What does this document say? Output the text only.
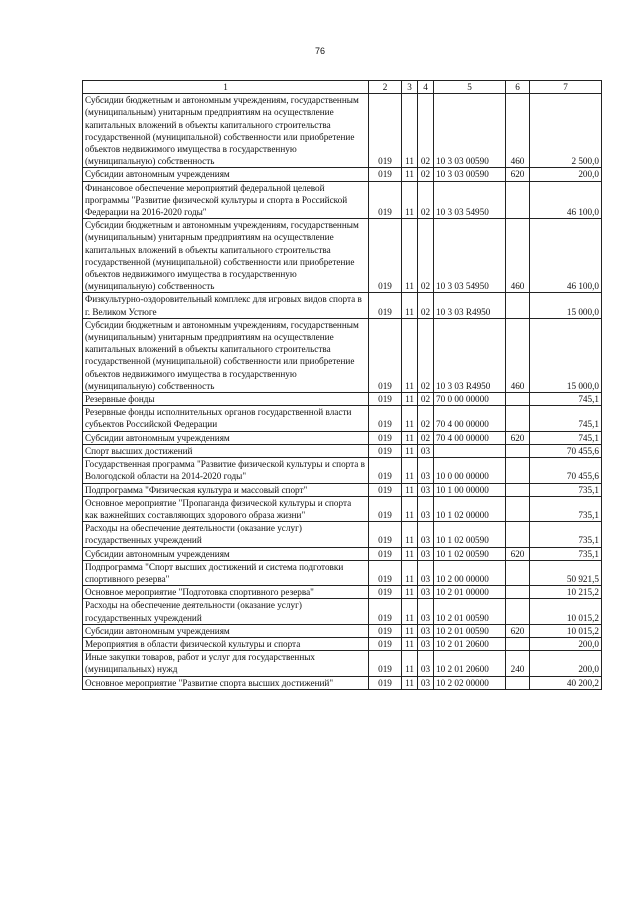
76
1	2	3	4	5	6	7
Субсидии бюджетным и автономным учреждениям, государственным (муниципальным) унитарным предприятиям на осуществление капитальных вложений в объекты капитального строительства государственной (муниципальной) собственности или приобретение объектов недвижимого имущества в государственную (муниципальную) собственность	019	11	02	10 3 03 00590	460	2 500,0
Субсидии автономным учреждениям	019	11	02	10 3 03 00590	620	200,0
Финансовое обеспечение мероприятий федеральной целевой программы "Развитие физической культуры и спорта в Российской Федерации на 2016-2020 годы"	019	11	02	10 3 03 54950		46 100,0
Субсидии бюджетным и автономным учреждениям, государственным (муниципальным) унитарным предприятиям на осуществление капитальных вложений в объекты капитального строительства государственной (муниципальной) собственности или приобретение объектов недвижимого имущества в государственную (муниципальную) собственность	019	11	02	10 3 03 54950	460	46 100,0
Физкультурно-оздоровительный комплекс для игровых видов спорта в г. Великом Устюге	019	11	02	10 3 03 R4950		15 000,0
Субсидии бюджетным и автономным учреждениям, государственным (муниципальным) унитарным предприятиям на осуществление капитальных вложений в объекты капитального строительства государственной (муниципальной) собственности или приобретение объектов недвижимого имущества в государственную (муниципальную) собственность	019	11	02	10 3 03 R4950	460	15 000,0
Резервные фонды	019	11	02	70 0 00 00000		745,1
Резервные фонды исполнительных органов государственной власти субъектов Российской Федерации	019	11	02	70 4 00 00000		745,1
Субсидии автономным учреждениям	019	11	02	70 4 00 00000	620	745,1
Спорт высших достижений	019	11	03			70 455,6
Государственная программа "Развитие физической культуры и спорта в Вологодской области на 2014-2020 годы"	019	11	03	10 0 00 00000		70 455,6
Подпрограмма "Физическая культура и массовый спорт"	019	11	03	10 1 00 00000		735,1
Основное мероприятие "Пропаганда физической культуры и спорта как важнейших составляющих здорового образа жизни"	019	11	03	10 1 02 00000		735,1
Расходы на обеспечение деятельности (оказание услуг) государственных учреждений	019	11	03	10 1 02 00590		735,1
Субсидии автономным учреждениям	019	11	03	10 1 02 00590	620	735,1
Подпрограмма "Спорт высших достижений и система подготовки спортивного резерва"	019	11	03	10 2 00 00000		50 921,5
Основное мероприятие "Подготовка спортивного резерва"	019	11	03	10 2 01 00000		10 215,2
Расходы на обеспечение деятельности (оказание услуг) государственных учреждений	019	11	03	10 2 01 00590		10 015,2
Субсидии автономным учреждениям	019	11	03	10 2 01 00590	620	10 015,2
Мероприятия в области физической культуры и спорта	019	11	03	10 2 01 20600		200,0
Иные закупки товаров, работ и услуг для государственных (муниципальных) нужд	019	11	03	10 2 01 20600	240	200,0
Основное мероприятие "Развитие спорта высших достижений"	019	11	03	10 2 02 00000		40 200,2
